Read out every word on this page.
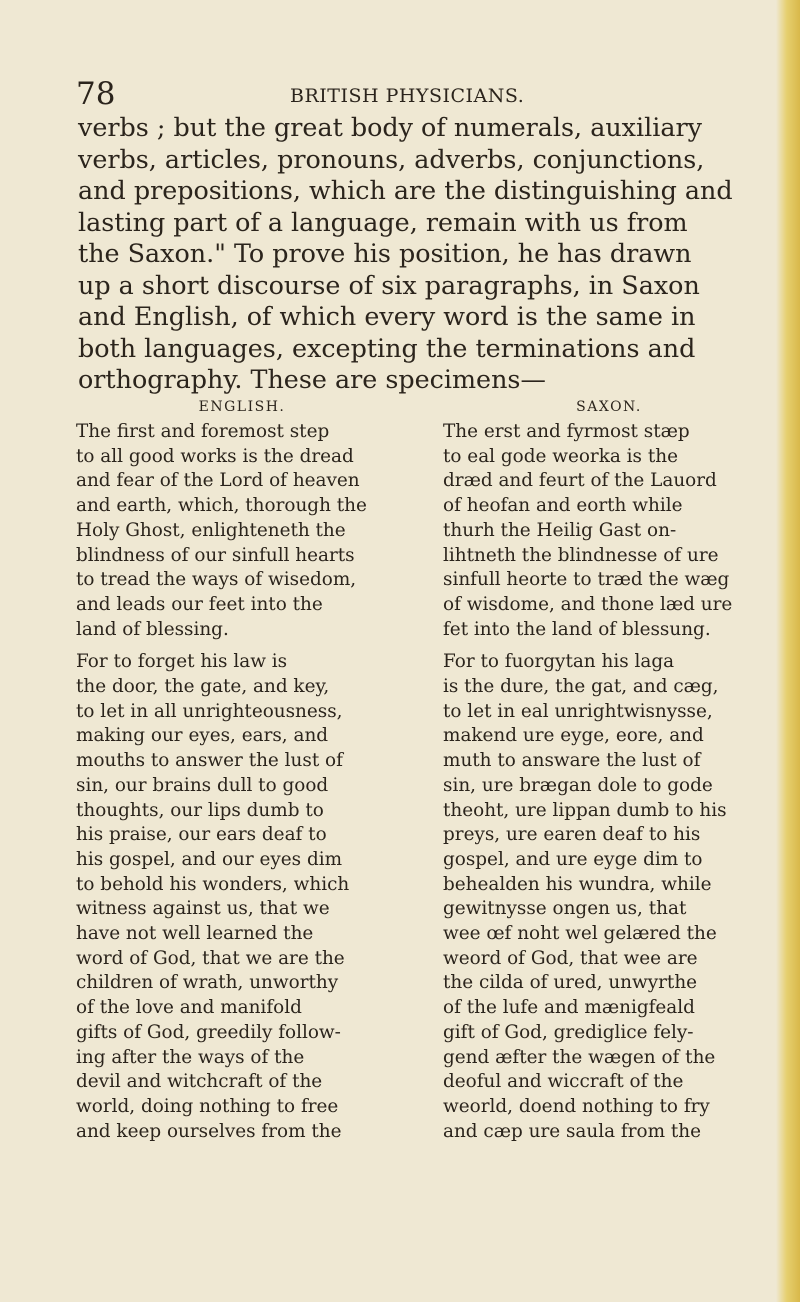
78	BRITISH PHYSICIANS.
verbs ; but the great body of numerals, auxiliary
verbs, articles, pronouns, adverbs, conjunctions,
and prepositions, which are the distinguishing and
lasting part of a language, remain with us from
the Saxon." To prove his position, he has drawn
up a short discourse of six paragraphs, in Saxon
and English, of which every word is the same in
both languages, excepting the terminations and
orthography. These are specimens—
ENGLISH.
The first and foremost step
to all good works is the dread
and fear of the Lord of heaven
and earth, which, thorough the
Holy Ghost, enlighteneth the
blindness of our sinfull hearts
to tread the ways of wisedom,
and leads our feet into the
land of blessing.
For to forget his law is
the door, the gate, and key,
to let in all unrighteousness,
making our eyes, ears, and
mouths to answer the lust of
sin, our brains dull to good
thoughts, our lips dumb to
his praise, our ears deaf to
his gospel, and our eyes dim
to behold his wonders, which
witness against us, that we
have not well learned the
word of God, that we are the
children of wrath, unworthy
of the love and manifold
gifts of God, greedily follow-
ing after the ways of the
devil and witchcraft of the
world, doing nothing to free
and keep ourselves from the
SAXON.
The erst and fyrmost stæp
to eal gode weorka is the
dræd and feurt of the Lauord
of heofan and eorth while
thurh the Heilig Gast on-
lihtneth the blindnesse of ure
sinfull heorte to træd the wæg
of wisdome, and thone læd ure
fet into the land of blessung.
For to fuorgytan his laga
is the dure, the gat, and cæg,
to let in eal unrightwisnysse,
makend ure eyge, eore, and
muth to answare the lust of
sin, ure brægan dole to gode
theoht, ure lippan dumb to his
preys, ure earen deaf to his
gospel, and ure eyge dim to
behealden his wundra, while
gewitnysse ongen us, that
wee œf noht wel gelæred the
weord of God, that wee are
the cilda of ured, unwyrthe
of the lufe and mænigfeald
gift of God, grediglice fely-
gend æfter the wægen of the
deoful and wiccraft of the
weorld, doend nothing to fry
and cæp ure saula from the
